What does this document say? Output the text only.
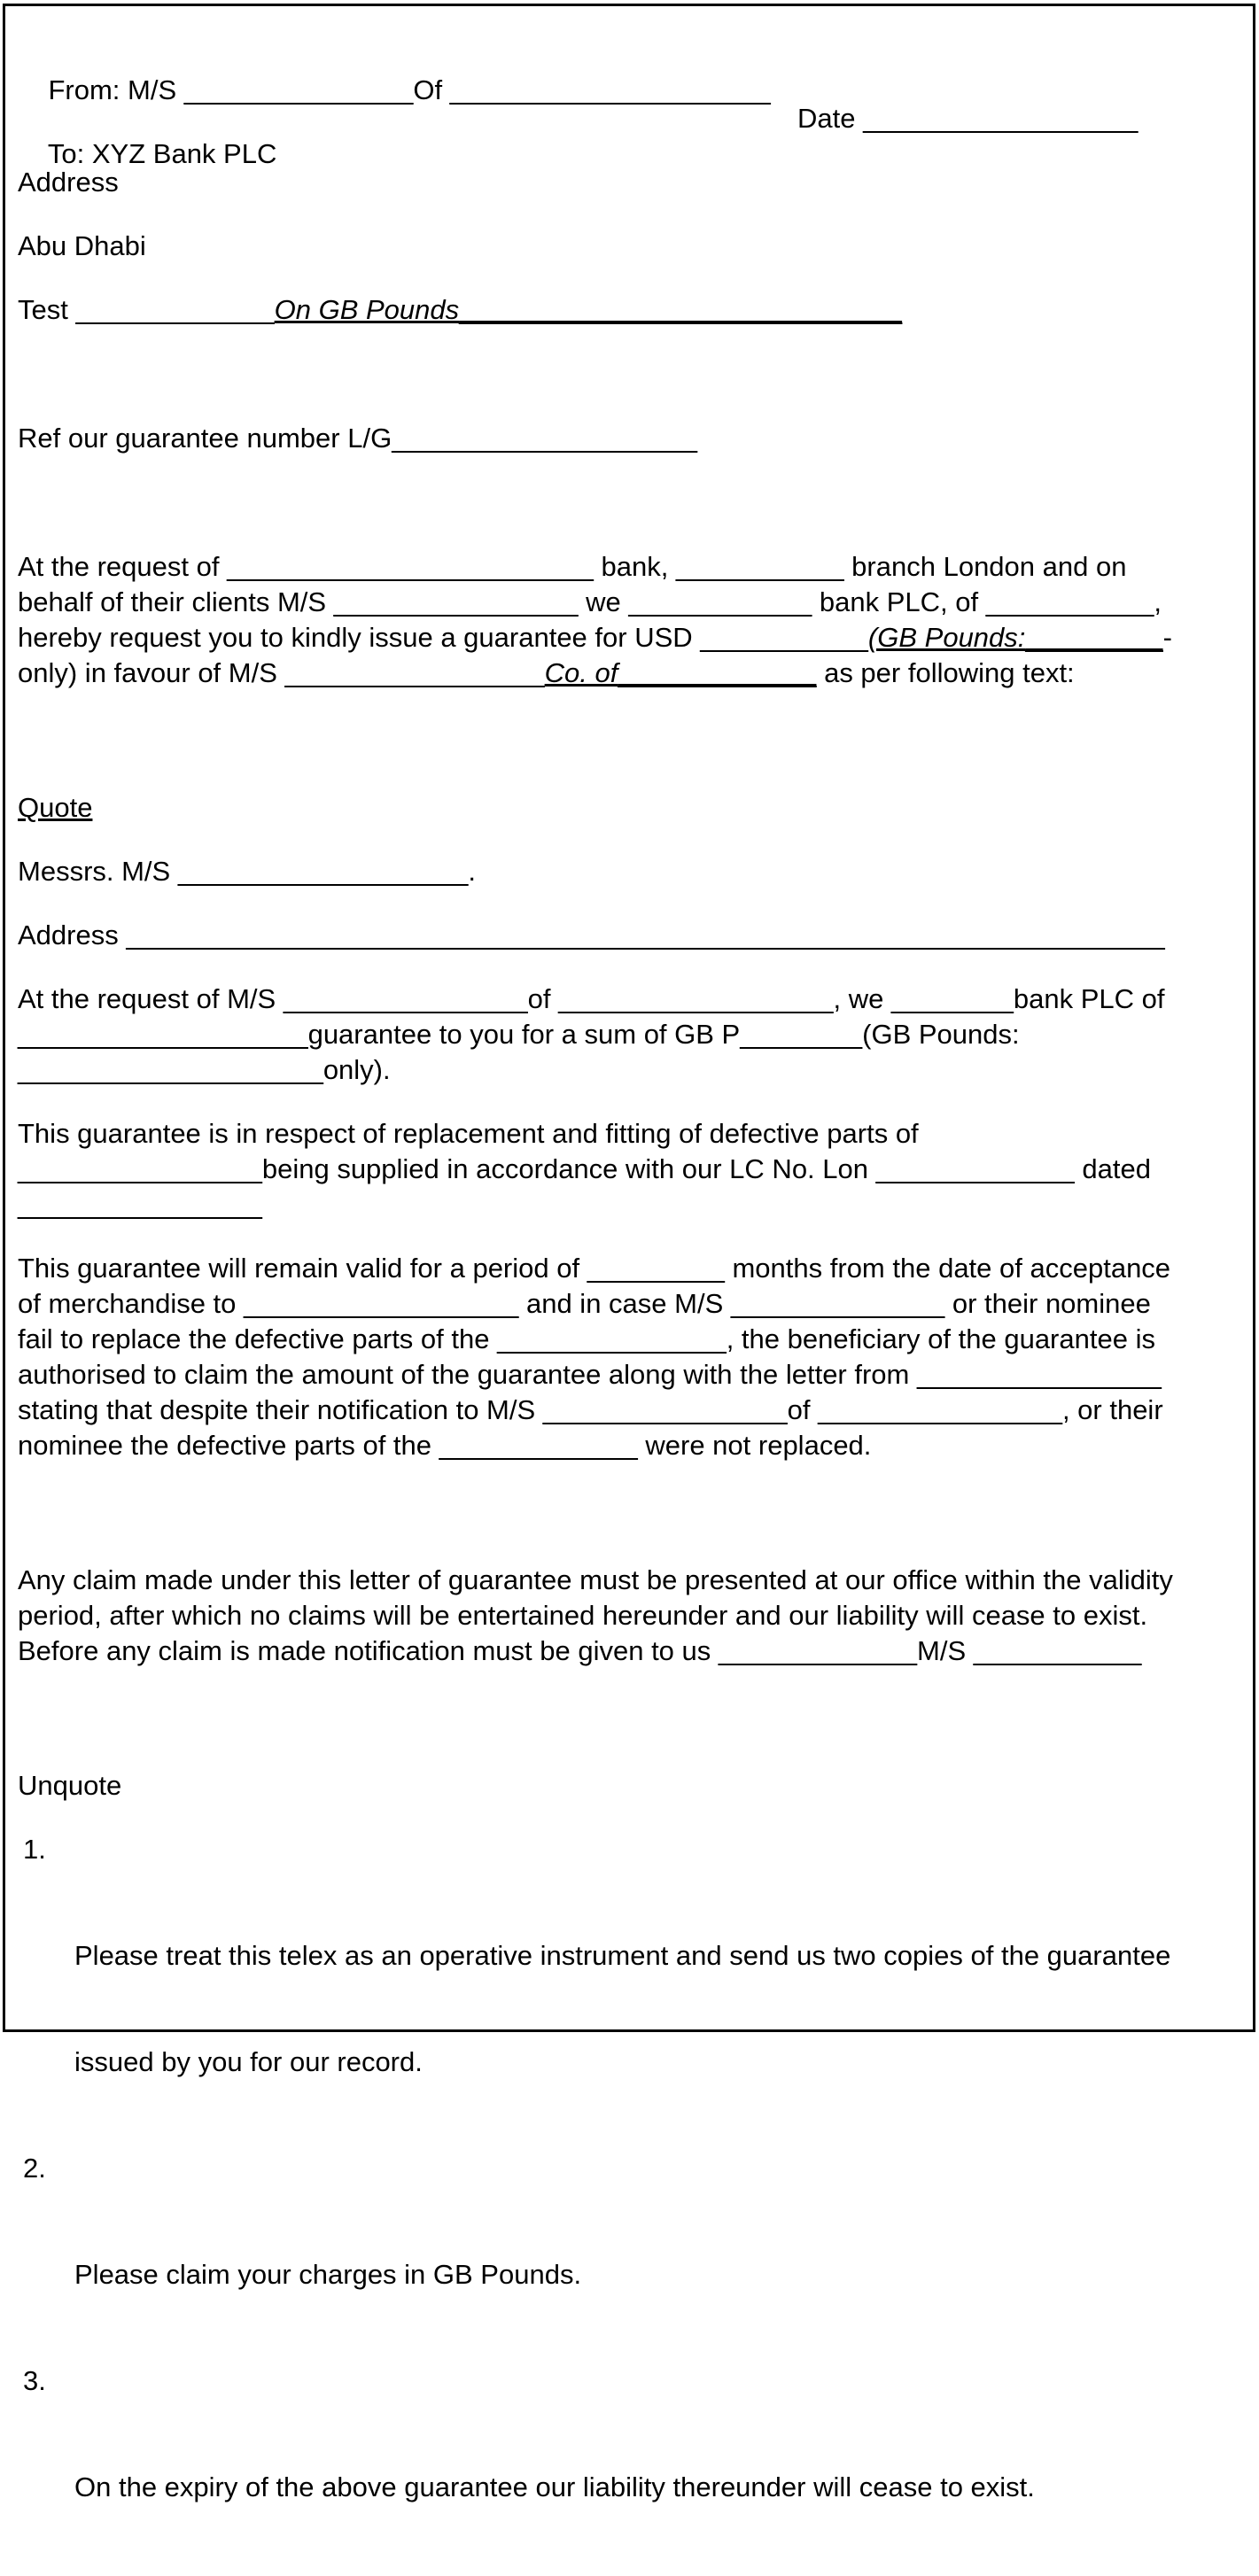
From: M/S _______________Of _____________________

To: XYZ Bank PLC

Date __________________

Address
Abu Dhabi
Test _____________On GB Pounds_____________________________
Ref our guarantee number L/G____________________
At the request of ________________________ bank, ___________ branch London and on
behalf of their clients M/S ________________ we ____________ bank PLC, of ___________,
hereby request you to kindly issue a guarantee for USD ___________(GB Pounds:_________-
only) in favour of M/S _________________Co. of_____________ as per following text:
Quote
Messrs. M/S ___________________.
Address ____________________________________________________________________
At the request of M/S ________________of __________________, we ________bank PLC of
___________________guarantee to you for a sum of GB P________(GB Pounds:
____________________only).
This guarantee is in respect of replacement and fitting of defective parts of
________________being supplied in accordance with our LC No. Lon _____________ dated
________________
This guarantee will remain valid for a period of _________ months from the date of acceptance
of merchandise to __________________ and in case M/S ______________ or their nominee
fail to replace the defective parts of the _______________, the beneficiary of the guarantee is
authorised to claim the amount of the guarantee along with the letter from ________________
stating that despite their notification to M/S ________________of ________________, or their
nominee the defective parts of the _____________ were not replaced.
Any claim made under this letter of guarantee must be presented at our office within the validity
period, after which no claims will be entertained hereunder and our liability will cease to exist.
Before any claim is made notification must be given to us _____________M/S ___________
Unquote

1.

Please treat this telex as an operative instrument and send us two copies of the guarantee

issued by you for our record.

2.

Please claim your charges in GB Pounds.

3.

On the expiry of the above guarantee our liability thereunder will cease to exist.
